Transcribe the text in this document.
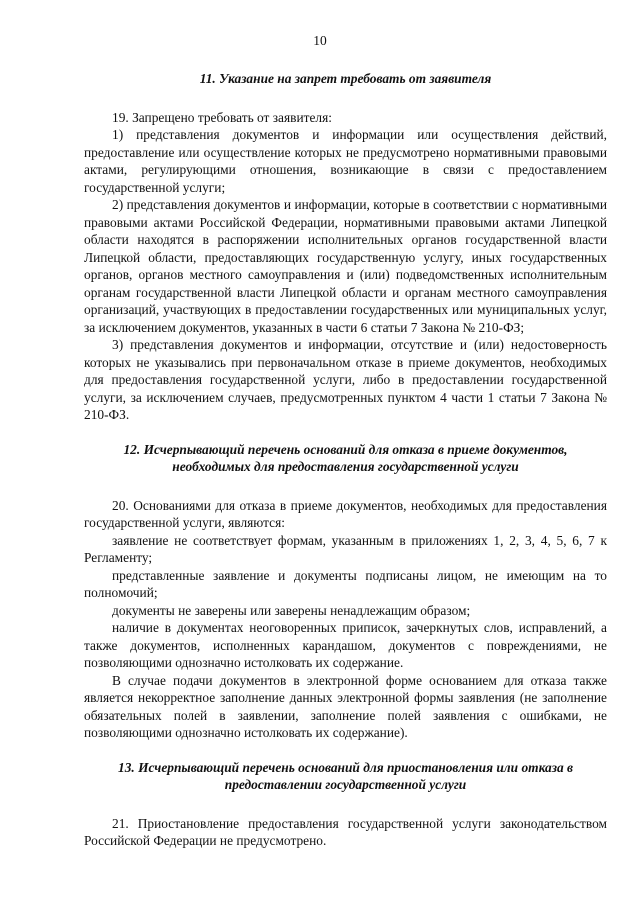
10
11. Указание на запрет требовать от заявителя

19. Запрещено требовать от заявителя:

1) представления документов и информации или осуществления действий, предоставление или осуществление которых не предусмотрено нормативными правовыми актами, регулирующими отношения, возникающие в связи с предоставлением государственной услуги;

2) представления документов и информации, которые в соответствии с нормативными правовыми актами Российской Федерации, нормативными правовыми актами Липецкой области находятся в распоряжении исполнительных органов государственной власти Липецкой области, предоставляющих государственную услугу, иных государственных органов, органов местного самоуправления и (или) подведомственных исполнительным органам государственной власти Липецкой области и органам местного самоуправления организаций, участвующих в предоставлении государственных или муниципальных услуг, за исключением документов, указанных в части 6 статьи 7 Закона № 210-ФЗ;

3) представления документов и информации, отсутствие и (или) недостоверность которых не указывались при первоначальном отказе в приеме документов, необходимых для предоставления государственной услуги, либо в предоставлении государственной услуги, за исключением случаев, предусмотренных пунктом 4 части 1 статьи 7 Закона № 210-ФЗ.

12. Исчерпывающий перечень оснований для отказа в приеме документов, необходимых для предоставления государственной услуги

20. Основаниями для отказа в приеме документов, необходимых для предоставления государственной услуги, являются:

заявление не соответствует формам, указанным в приложениях 1, 2, 3, 4, 5, 6, 7 к Регламенту;

представленные заявление и документы подписаны лицом, не имеющим на то полномочий;

документы не заверены или заверены ненадлежащим образом;

наличие в документах неоговоренных приписок, зачеркнутых слов, исправлений, а также документов, исполненных карандашом, документов с повреждениями, не позволяющими однозначно истолковать их содержание.

В случае подачи документов в электронной форме основанием для отказа также является некорректное заполнение данных электронной формы заявления (не заполнение обязательных полей в заявлении, заполнение полей заявления с ошибками, не позволяющими однозначно истолковать их содержание).

13. Исчерпывающий перечень оснований для приостановления или отказа в предоставлении государственной услуги

21. Приостановление предоставления государственной услуги законодательством Российской Федерации не предусмотрено.
